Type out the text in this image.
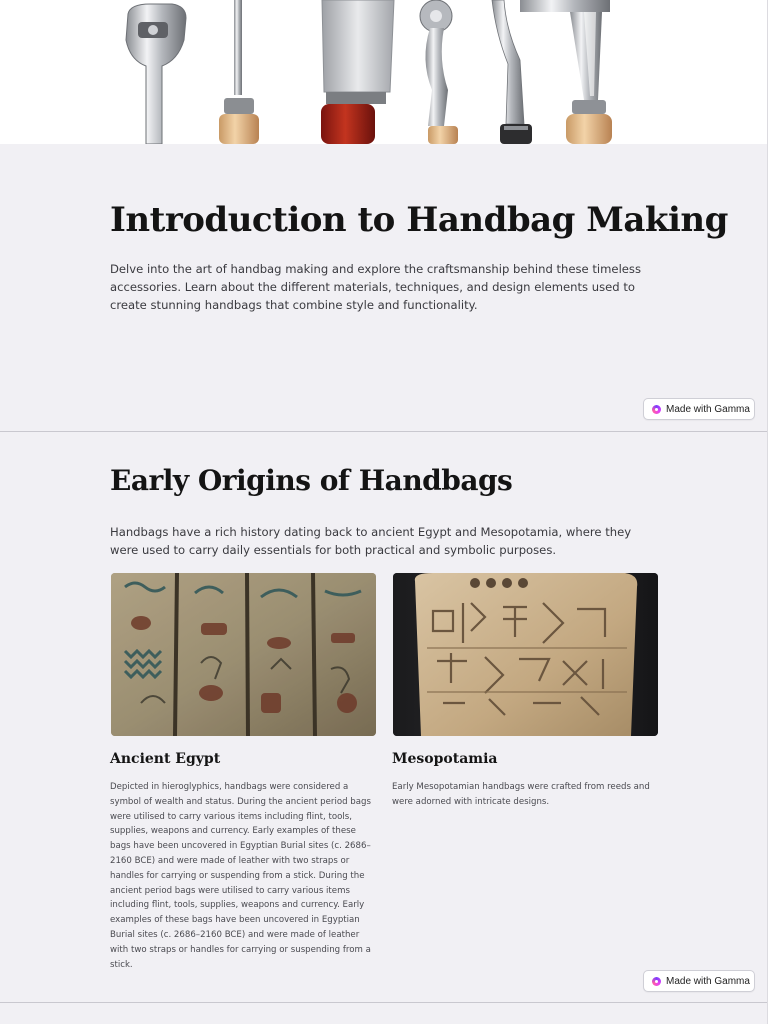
Introduction to Handbag Making

Delve into the art of handbag making and explore the craftsmanship behind these timeless accessories. Learn about the different materials, techniques, and design elements used to create stunning handbags that combine style and functionality.

Made with Gamma
Early Origins of Handbags

Handbags have a rich history dating back to ancient Egypt and Mesopotamia, where they were used to carry daily essentials for both practical and symbolic purposes.

Ancient Egypt	Mesopotamia

Depicted in hieroglyphics, handbags were considered a symbol of wealth and status. During the ancient period bags were utilised to carry various items including flint, tools, supplies, weapons and currency. Early examples of these bags have been uncovered in Egyptian Burial sites (c. 2686–2160 BCE) and were made of leather with two straps or handles for carrying or suspending from a stick. During the ancient period bags were utilised to carry various items including flint, tools, supplies, weapons and currency. Early examples of these bags have been uncovered in Egyptian Burial sites (c. 2686–2160 BCE) and were made of leather with two straps or handles for carrying or suspending from a stick.

Early Mesopotamian handbags were crafted from reeds and were adorned with intricate designs.

Made with Gamma
